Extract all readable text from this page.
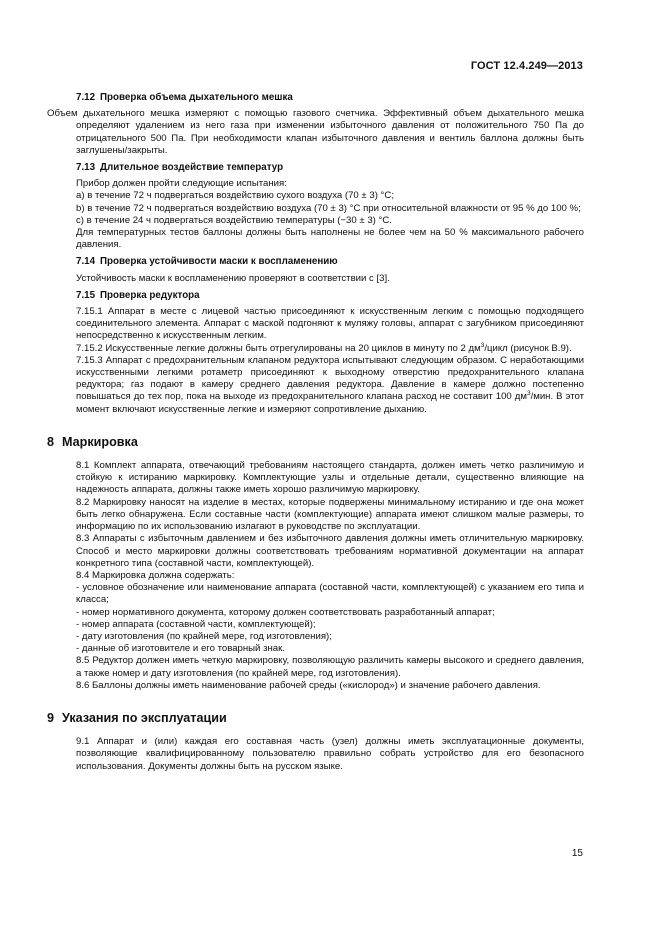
ГОСТ 12.4.249—2013
7.12 Проверка объема дыхательного мешка

Объем дыхательного мешка измеряют с помощью газового счетчика. Эффективный объем дыхательного мешка определяют удалением из него газа при изменении избыточного давления от положительного 750 Па до отрицательного 500 Па. При необходимости клапан избыточного давления и вентиль баллона должны быть заглушены/закрыты.

7.13 Длительное воздействие температур

Прибор должен пройти следующие испытания:

a) в течение 72 ч подвергаться воздействию сухого воздуха (70 ± 3) °C;

b) в течение 72 ч подвергаться воздействию воздуха (70 ± 3) °C при относительной влажности от 95 % до 100 %;

c) в течение 24 ч подвергаться воздействию температуры (−30 ± 3) °C.

Для температурных тестов баллоны должны быть наполнены не более чем на 50 % максимального рабочего давления.

7.14 Проверка устойчивости маски к воспламенению

Устойчивость маски к воспламенению проверяют в соответствии с [3].

7.15 Проверка редуктора

7.15.1 Аппарат в месте с лицевой частью присоединяют к искусственным легким с помощью подходящего соединительного элемента. Аппарат с маской подгоняют к муляжу головы, аппарат с загубником присоединяют непосредственно к искусственным легким.

7.15.2 Искусственные легкие должны быть отрегулированы на 20 циклов в минуту по 2 $дм^3$/цикл (рисунок В.9).

7.15.3 Аппарат с предохранительным клапаном редуктора испытывают следующим образом. С неработающими искусственными легкими ротаметр присоединяют к выходному отверстию предохранительного клапана редуктора; газ подают в камеру среднего давления редуктора. Давление в камере должно постепенно повышаться до тех пор, пока на выходе из предохранительного клапана расход не составит 100 $дм^3$/мин. В этот момент включают искусственные легкие и измеряют сопротивление дыханию.

8 Маркировка

8.1 Комплект аппарата, отвечающий требованиям настоящего стандарта, должен иметь четко различимую и стойкую к истиранию маркировку. Комплектующие узлы и отдельные детали, существенно влияющие на надежность аппарата, должны также иметь хорошо различимую маркировку.

8.2 Маркировку наносят на изделие в местах, которые подвержены минимальному истиранию и где она может быть легко обнаружена. Если составные части (комплектующие) аппарата имеют слишком малые размеры, то информацию по их использованию излагают в руководстве по эксплуатации.

8.3 Аппараты с избыточным давлением и без избыточного давления должны иметь отличительную маркировку. Способ и место маркировки должны соответствовать требованиям нормативной документации на аппарат конкретного типа (составной части, комплектующей).

8.4 Маркировка должна содержать:

- условное обозначение или наименование аппарата (составной части, комплектующей) с указанием его типа и класса;

- номер нормативного документа, которому должен соответствовать разработанный аппарат;

- номер аппарата (составной части, комплектующей);

- дату изготовления (по крайней мере, год изготовления);

- данные об изготовителе и его товарный знак.

8.5 Редуктор должен иметь четкую маркировку, позволяющую различить камеры высокого и среднего давления, а также номер и дату изготовления (по крайней мере, год изготовления).

8.6 Баллоны должны иметь наименование рабочей среды («кислород») и значение рабочего давления.

9 Указания по эксплуатации

9.1 Аппарат и (или) каждая его составная часть (узел) должны иметь эксплуатационные документы, позволяющие квалифицированному пользователю правильно собрать устройство для его безопасного использования. Документы должны быть на русском языке.

15
